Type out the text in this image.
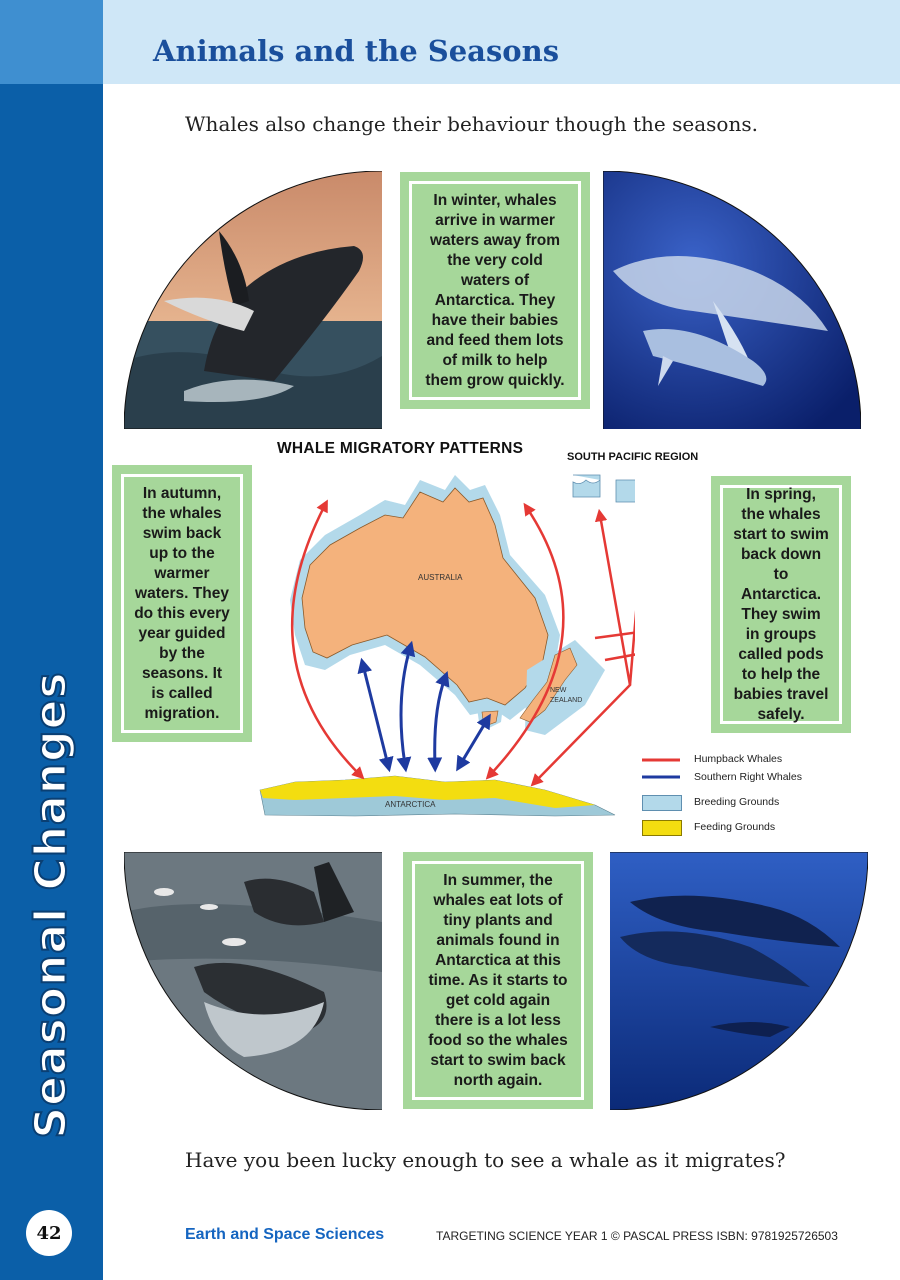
Seasonal Changes
42
Animals and the Seasons
Whales also change their behaviour though the seasons.

In winter, whales arrive in warmer waters away from the very cold waters of Antarctica. They have their babies and feed them lots of milk to help them grow quickly.

In autumn, the whales swim back up to the warmer waters. They do this every year guided by the seasons. It is called migration.

In spring, the whales start to swim back down to Antarctica. They swim in groups called pods to help the babies travel safely.

In summer, the whales eat lots of tiny plants and animals found in Antarctica at this time. As it starts to get cold again there is a lot less food so the whales start to swim back north again.

WHALE MIGRATORY PATTERNS	SOUTH PACIFIC REGION
AUSTRALIA
NEW
ZEALAND
ANTARCTICA
Humpback Whales
Southern Right Whales
Breeding Grounds
Feeding Grounds
Have you been lucky enough to see a whale as it migrates?
Earth and Space Sciences	TARGETING SCIENCE YEAR 1 © PASCAL PRESS ISBN: 9781925726503
